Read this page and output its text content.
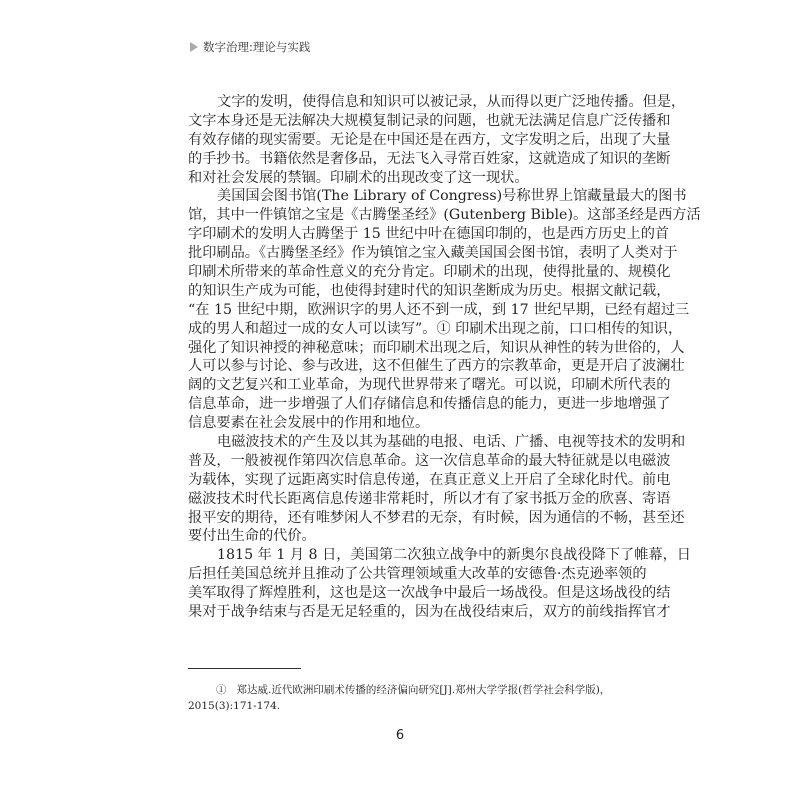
数字治理:理论与实践
文字的发明，使得信息和知识可以被记录，从而得以更广泛地传播。但是，
文字本身还是无法解决大规模复制记录的问题，也就无法满足信息广泛传播和
有效存储的现实需要。无论是在中国还是在西方，文字发明之后，出现了大量
的手抄书。书籍依然是奢侈品，无法飞入寻常百姓家，这就造成了知识的垄断
和对社会发展的禁锢。印刷术的出现改变了这一现状。
美国国会图书馆(The Library of Congress)号称世界上馆藏量最大的图书
馆，其中一件镇馆之宝是《古腾堡圣经》(Gutenberg Bible)。这部圣经是西方活
字印刷术的发明人古腾堡于 15 世纪中叶在德国印制的，也是西方历史上的首
批印刷品。《古腾堡圣经》作为镇馆之宝入藏美国国会图书馆，表明了人类对于
印刷术所带来的革命性意义的充分肯定。印刷术的出现，使得批量的、规模化
的知识生产成为可能，也使得封建时代的知识垄断成为历史。根据文献记载，
“在 15 世纪中期，欧洲识字的男人还不到一成，到 17 世纪早期，已经有超过三
成的男人和超过一成的女人可以读写”。① 印刷术出现之前，口口相传的知识，
强化了知识神授的神秘意味；而印刷术出现之后，知识从神性的转为世俗的，人
人可以参与讨论、参与改进，这不但催生了西方的宗教革命，更是开启了波澜壮
阔的文艺复兴和工业革命，为现代世界带来了曙光。可以说，印刷术所代表的
信息革命，进一步增强了人们存储信息和传播信息的能力，更进一步地增强了
信息要素在社会发展中的作用和地位。
电磁波技术的产生及以其为基础的电报、电话、广播、电视等技术的发明和
普及，一般被视作第四次信息革命。这一次信息革命的最大特征就是以电磁波
为载体，实现了远距离实时信息传递，在真正意义上开启了全球化时代。前电
磁波技术时代长距离信息传递非常耗时，所以才有了家书抵万金的欣喜、寄语
报平安的期待，还有唯梦闲人不梦君的无奈，有时候，因为通信的不畅，甚至还
要付出生命的代价。
1815 年 1 月 8 日，美国第二次独立战争中的新奥尔良战役降下了帷幕，日
后担任美国总统并且推动了公共管理领域重大改革的安德鲁·杰克逊率领的
美军取得了辉煌胜利，这也是这一次战争中最后一场战役。但是这场战役的结
果对于战争结束与否是无足轻重的，因为在战役结束后，双方的前线指挥官才
① 郑达威.近代欧洲印刷术传播的经济偏向研究[J].郑州大学学报(哲学社会科学版)，
2015(3):171-174.
6
